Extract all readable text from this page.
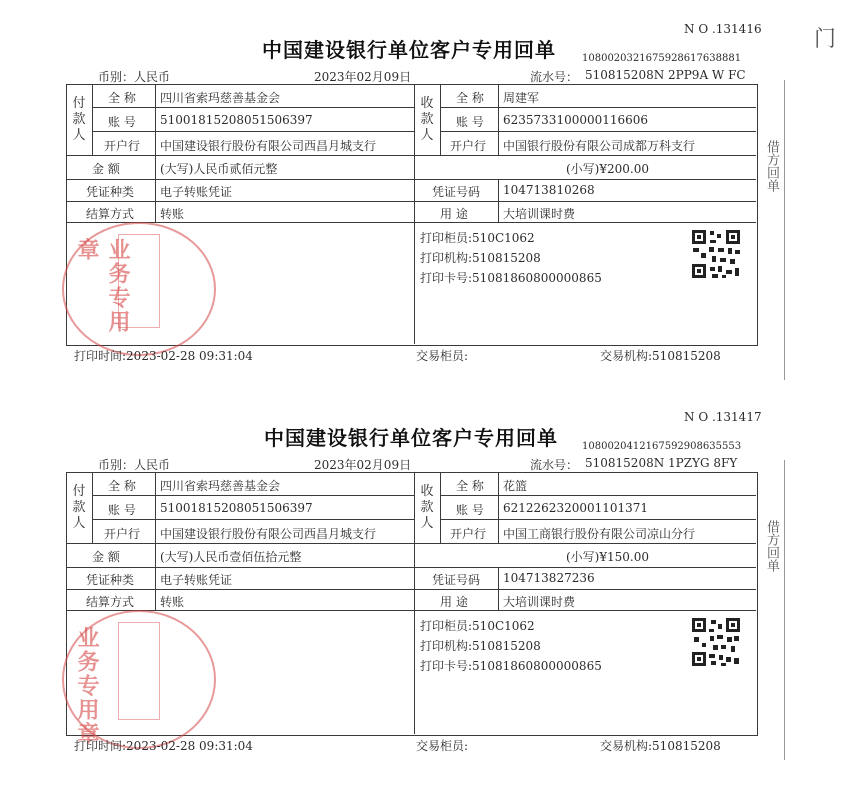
门
N O .131416
中国建设银行单位客户专用回单	108002032167592861763888​1
币别：人民币	2023年02月09日	流水号： 510815208​N 2PP9A W FC
付款人
全 称 四川省索玛慈善基金会
账 号 51001815208051506397
开户行 中国建设银行股份有限公司西昌月城支行
收款人
全 称 周建军
账 号 6235733100000116606
开户行 中国银行股份有限公司成都万科支行
金 额	(大写)人民币贰佰元整	(小写)¥200.00
凭证种类 电子转账凭证	凭证号码 104713810268
结算方式 转账	用 途	大培训课时费
打印柜员:510C1062
打印机构:510815208
打印卡号:51081860800000865
业务专用章
打印时间:2023-02-28 09:31:04	交易柜员:	交易机构:510815208
借方回单
N O .131417
中国建设银行单位客户专用回单 108002041216759290863555​3
币别：人民币	2023年02月09日	流水号： 510815208​N 1PZYG 8FY
付款人
全 称 四川省索玛慈善基金会
账 号 51001815208051506397
开户行 中国建设银行股份有限公司西昌月城支行
收款人
全 称 花篮
账 号 6212262320001101371
开户行 中国工商银行股份有限公司凉山分行
金 额	(大写)人民币壹佰伍拾元整	(小写)¥150.00
凭证种类 电子转账凭证	凭证号码 104713827236
结算方式 转账	用 途	大培训课时费
打印柜员:510C1062
打印机构:510815208
打印卡号:51081860800000865
业务专用章
打印时间:2023-02-28 09:31:04	交易柜员:	交易机构:510815208
借方回单
